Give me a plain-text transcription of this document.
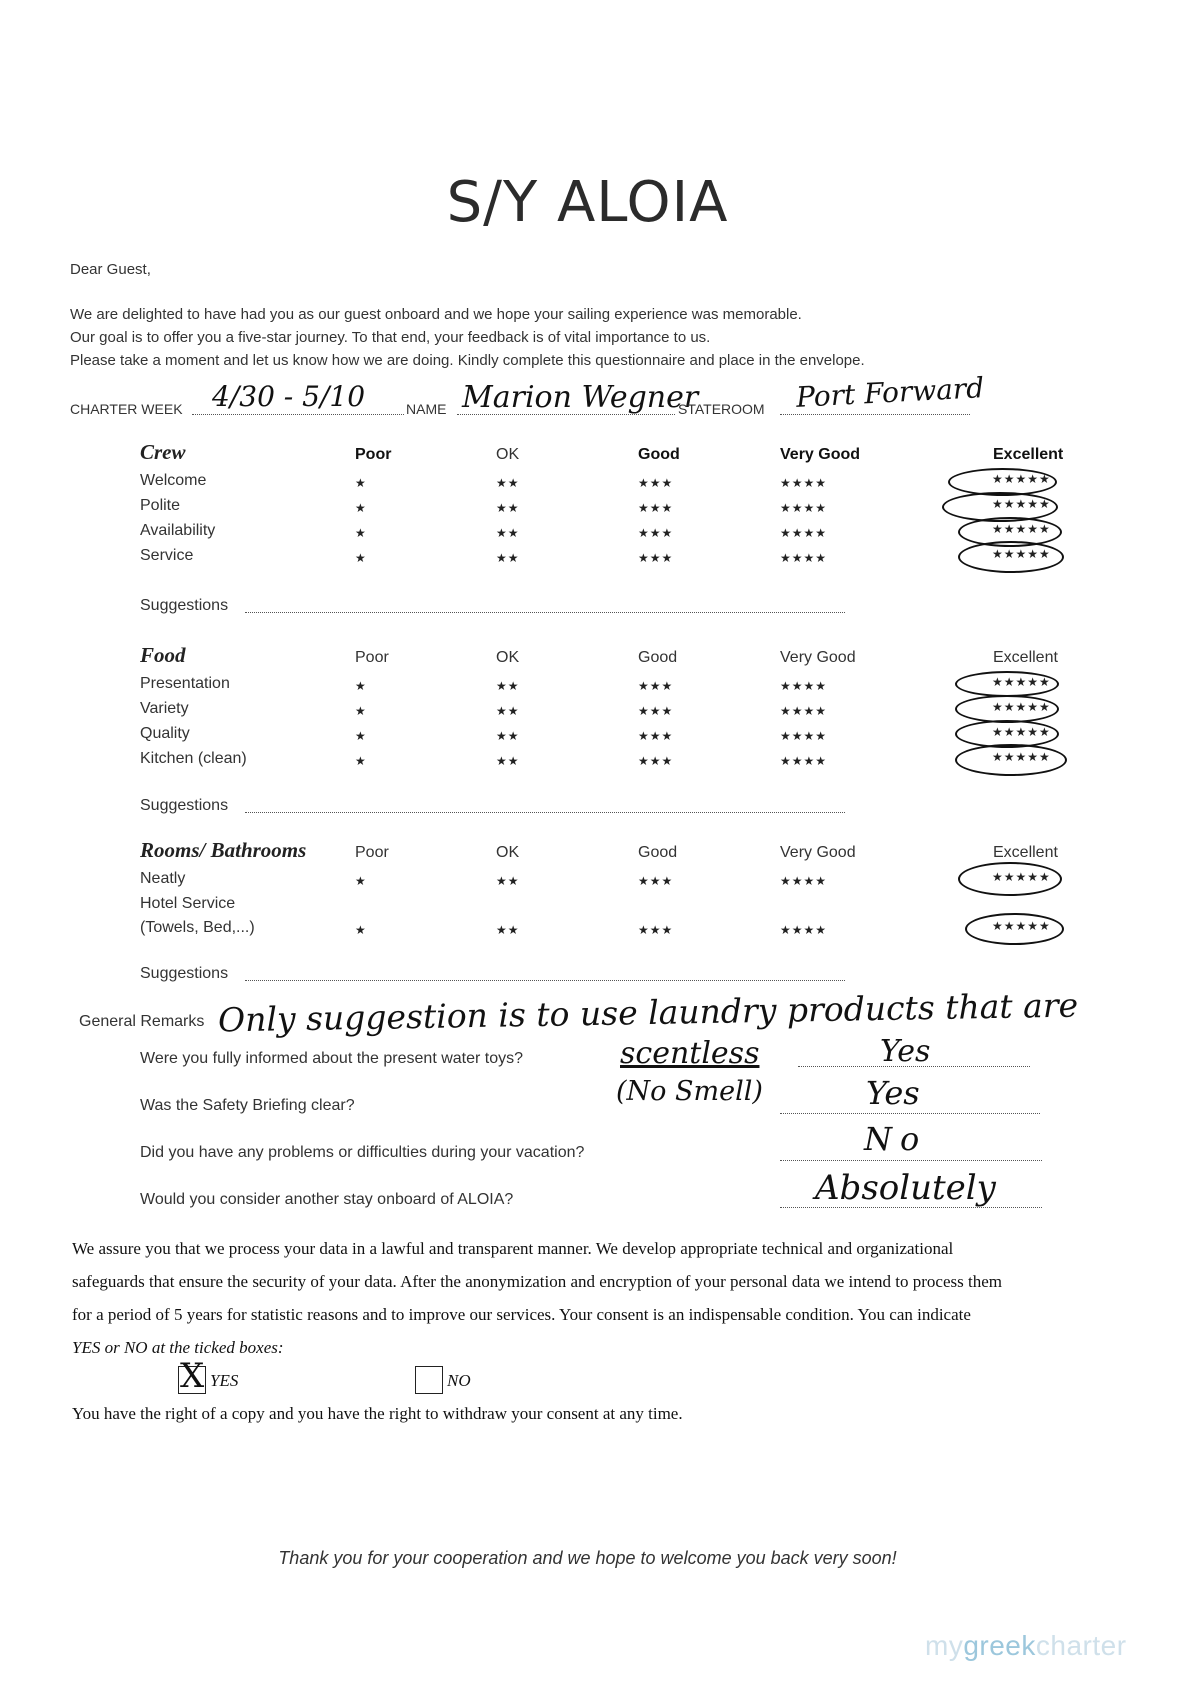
S/Y ALOIA
Dear Guest,
We are delighted to have had you as our guest onboard and we hope your sailing experience was memorable.
Our goal is to offer you a five-star journey. To that end, your feedback is of vital importance to us.
Please take a moment and let us know how we are doing. Kindly complete this questionnaire and place in the envelope.
CHARTER WEEK 4/30 - 5/10	NAME Marion Wegner
STATEROOM Port Forward
Crew	Poor	OK	Good	Very Good	Excellent
Welcome	★	★★	★★★	★★★★	★★★★★
Polite	★	★★	★★★	★★★★	★★★★★
Availability	★	★★	★★★	★★★★	★★★★★
Service	★	★★	★★★	★★★★	★★★★★
Suggestions
Food	Poor	OK	Good	Very Good	Excellent
Presentation	★	★★	★★★	★★★★	★★★★★
Variety	★	★★	★★★	★★★★	★★★★★
Quality	★	★★	★★★	★★★★	★★★★★
Kitchen (clean)	★	★★	★★★	★★★★	★★★★★
Suggestions
Rooms/ Bathrooms	Poor	OK	Good	Very Good	Excellent
Neatly	★	★★	★★★	★★★★	★★★★★
Hotel Service
(Towels, Bed,...)	★	★★	★★★	★★★★	★★★★★
Suggestions
General Remarks Only suggestion is to use laundry products that are
scentless
(No Smell)
Were you fully informed about the present water toys?	Yes
Was the Safety Briefing clear?	Yes
Did you have any problems or difficulties during your vacation?	No
Would you consider another stay onboard of ALOIA?	Absolutely
We assure you that we process your data in a lawful and transparent manner. We develop appropriate technical and organizational
safeguards that ensure the security of your data. After the anonymization and encryption of your personal data we intend to process them
for a period of 5 years for statistic reasons and to improve our services. Your consent is an indispensable condition. You can indicate
YES or NO at the ticked boxes:
X YES	NO
You have the right of a copy and you have the right to withdraw your consent at any time.
Thank you for your cooperation and we hope to welcome you back very soon!
mygreekcharter
